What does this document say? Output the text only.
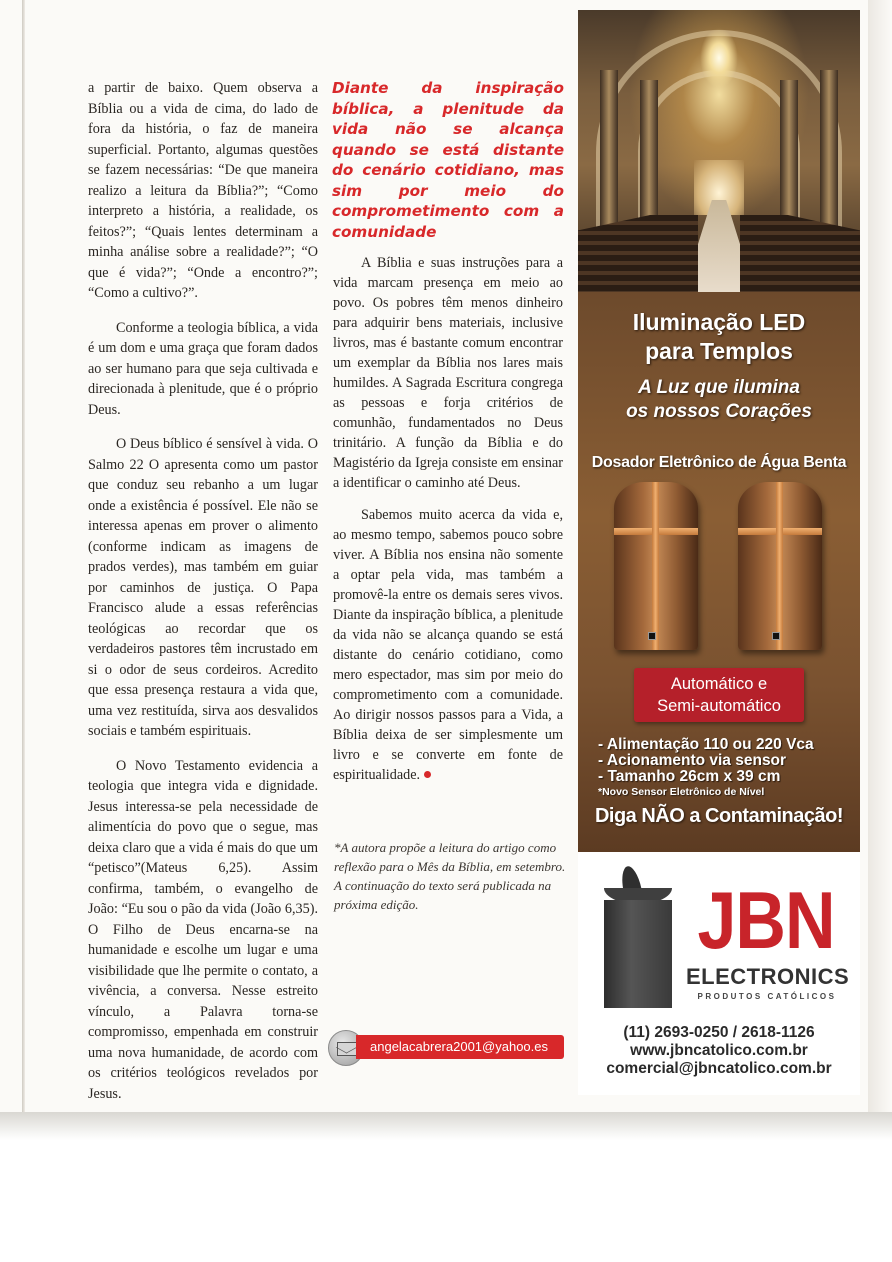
a partir de baixo. Quem observa a Bíblia ou a vida de cima, do lado de fora da história, o faz de maneira superficial. Portanto, algumas questões se fazem necessárias: “De que maneira realizo a leitura da Bíblia?”; “Como interpreto a história, a realidade, os feitos?”; “Quais lentes determinam a minha análise sobre a realidade?”; “O que é vida?”; “Onde a encontro?”; “Como a cultivo?”.

Conforme a teologia bíblica, a vida é um dom e uma graça que foram dados ao ser humano para que seja cultivada e direcionada à plenitude, que é o próprio Deus.

O Deus bíblico é sensível à vida. O Salmo 22 O apresenta como um pastor que conduz seu rebanho a um lugar onde a existência é possível. Ele não se interessa apenas em prover o alimento (conforme indicam as imagens de prados verdes), mas também em guiar por caminhos de justiça. O Papa Francisco alude a essas referências teológicas ao recordar que os verdadeiros pastores têm incrustado em si o odor de seus cordeiros. Acredito que essa presença restaura a vida que, uma vez restituída, sirva aos desvalidos sociais e também espirituais.

O Novo Testamento evidencia a teologia que integra vida e dignidade. Jesus interessa-se pela necessidade de alimentícia do povo que o segue, mas deixa claro que a vida é mais do que um “petisco”(Mateus 6,25). Assim confirma, também, o evangelho de João: “Eu sou o pão da vida (João 6,35). O Filho de Deus encarna-se na humanidade e escolhe um lugar e uma visibilidade que lhe permite o contato, a vivência, a conversa. Nesse estreito vínculo, a Palavra torna-se compromisso, empenhada em construir uma nova humanidade, de acordo com os critérios teológicos revelados por Jesus.

Diante da inspiração bíblica, a plenitude da vida não se alcança quando se está distante do cenário cotidiano, mas sim por meio do comprometimento com a comunidade

A Bíblia e suas instruções para a vida marcam presença em meio ao povo. Os pobres têm menos dinheiro para adquirir bens materiais, inclusive livros, mas é bastante comum encontrar um exemplar da Bíblia nos lares mais humildes. A Sagrada Escritura congrega as pessoas e forja critérios de comunhão, fundamentados no Deus trinitário. A função da Bíblia e do Magistério da Igreja consiste em ensinar a identificar o caminho até Deus.

Sabemos muito acerca da vida e, ao mesmo tempo, sabemos pouco sobre viver. A Bíblia nos ensina não somente a optar pela vida, mas também a promovê-la entre os demais seres vivos. Diante da inspiração bíblica, a plenitude da vida não se alcança quando se está distante do cenário cotidiano, como mero espectador, mas sim por meio do comprometimento com a comunidade. Ao dirigir nossos passos para a Vida, a Bíblia deixa de ser simplesmente um livro e se converte em fonte de espiritualidade.

*A autora propõe a leitura do artigo como reflexão para o Mês da Bíblia, em setembro. A continuação do texto será publicada na próxima edição.
angelacabrera2001@yahoo.es
Iluminação LED
para Templos
A Luz que ilumina
os nossos Corações
Dosador Eletrônico de Água Benta
Automático e
Semi-automático
- Alimentação 110 ou 220 Vca
- Acionamento via sensor
- Tamanho 26cm x 39 cm
*Novo Sensor Eletrônico de Nível
Diga NÃO a Contaminação!
JBN
ELECTRONICS
PRODUTOS CATÓLICOS
(11) 2693-0250 / 2618-1126
www.jbncatolico.com.br
comercial@jbncatolico.com.br
